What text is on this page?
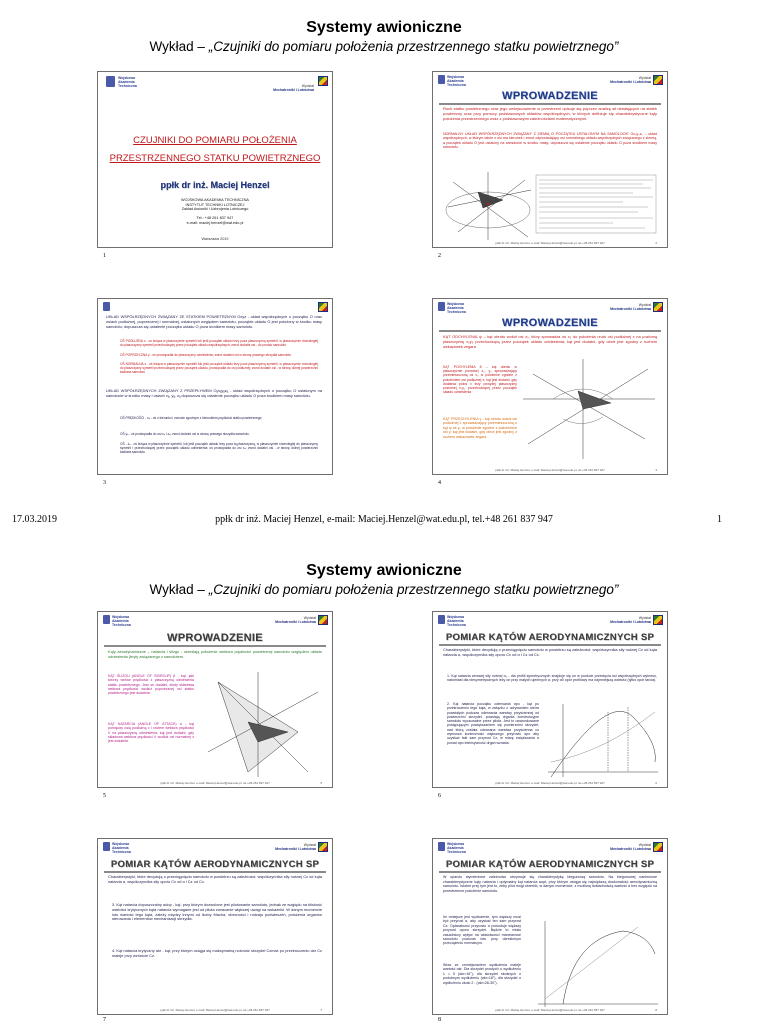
Systemy awioniczne
Wykład – „Czujniki do pomiaru położenia przestrzennego statku powietrznego”
Wojskowa
Akademia
Techniczna	Wydział
Mechatroniki i Lotnictwa
CZUJNIKI DO POMIARU POŁOŻENIA
PRZESTRZENNEGO STATKU POWIETRZNEGO
ppłk dr inż. Maciej Henzel
WOJSKOWA AKADEMIA TECHNICZNA
INSTYTUT TECHNIKI LOTNICZEJ
Zakład Awioniki i Uzbrojenia Lotniczego
Tel.: +48 261 837 947
e-mail: maciej.henzel@wat.edu.pl
Warszawa 2019
1
Wojskowa
Akademia
Techniczna
Wydział
Mechatroniki i Lotnictwa
WPROWADZENIE
Ruch statku powietrznego oraz jego umiejscowienie w przestrzeni opisuje się poprzez analizę sił działających na statek powietrzny oraz przy pomocy podstawowych układów współrzędnych, w których definiuje się charakterystyczne kąty położenia przestrzennego wraz z podstawowymi zależnościami matematycznymi.
NORMALNY UKŁAD WSPÓŁRZĘDNYCH ZWIĄZANY Z ZIEMIĄ O POCZĄTKU USTALONYM NA SAMOLOCIE Ox₀y₀z₀ – układ współrzędnych, w którym także z osi ma kierunek i zwrot odpowiadający osi normalnego układu współrzędnych związanego z ziemią, a początek układu O jest ustalony na samolocie w środku masy; dopuszcza się ustalenie początku układu O poza środkiem masy samolotu.
ppłk dr inż. Maciej Henzel, e-mail: Maciej.Henzel@wat.edu.pl, tel.+48 261 837 947	2
2
UKŁAD WSPÓŁRZĘDNYCH ZWIĄZANY ZE STATKIEM POWIETRZNYM Oxyz - układ współrzędnych o początku O oraz osiach podłużnej, poprzecznej i normalnej, ustalonych względem samolotu; początek układu O jest położony w środku masy samolotu; dopuszcza się ustalenie początku układu O poza środkiem masy samolotu.
OŚ PODŁUŻNA x - oś leżąca w płaszczyźnie symetrii lub jeśli początek układu leży poza płaszczyzną symetrii, w płaszczyźnie równoległej do płaszczyzny symetrii przechodzącej przez początek układu współrzędnych; zwrot dodatni osi - do przodu samolotu
OŚ POPRZECZNA y - oś prostopadła do płaszczyzny odniesienia; zwrot dodatni osi w stronę prawego skrzydła samolotu
OŚ NORMALNA z - oś leżąca w płaszczyźnie symetrii lub jeśli początek układu leży poza płaszczyzną symetrii, w płaszczyźnie równoległej do płaszczyzny symetrii przechodzącej przez początek układu, prostopadła do osi podłużnej; zwrot dodatni osi - w stronę dolnej powierzchni kadłuba samolotu
UKŁAD WSPÓŁRZĘDNYCH ZWIĄZANY Z PRZEPŁYWEM Oₐxₐyₐzₐ - układ współrzędnych o początku O ustalonym na samolocie w środku masy i osiach xₐ, yₐ, zₐ dopuszcza się ustalenie początku układu O poza środkiem masy samolotu.
OŚ PRĘDKOŚCI - xₐ - oś o kierunku i zwrocie zgodnym z kierunkiem prędkości statku powietrznego;
OŚ yₐ - oś prostopadła do osi xₐ i zₐ; zwrot dodatni osi w stronę prawego skrzydła samolotu;
OŚ - zₐ - oś leżąca w płaszczyźnie symetrii, lub jeśli początek układu leży poza tą płaszczyzną, w płaszczyźnie równoległej do płaszczyzny symetrii i przechodzącej przez początek układu odniesienia; oś prostopadła do osi xₐ; zwrot dodatni osi - w stronę dolnej powierzchni kadłuba samolotu
3
Wojskowa
Akademia
Techniczna
Wydział
Mechatroniki i Lotnictwa
WPROWADZENIE
KĄT ODCHYLENIA ψ – kąt obrotu wokół osi z₀, który sprowadza oś x₀ do położenia rzutu osi podłużnej x na poziomą płaszczyznę x₀y₀ przechodzącą przez początek układu odniesienia; kąt jest dodatni, gdy obrót jest zgodny z ruchem wskazówek zegara
KĄT POCHYLENIA θ – kąt obrotu w płaszczyźnie pionowej z₀, y₀ sprowadzający przemieszczoną oś x₀ w położenie zgodne z położeniem osi podłużnej x; kąt jest dodatni, gdy dodatnia półoś x leży powyżej płaszczyzny poziomej x₀y₀ przechodzącej przez początek układu odniesienia
KĄT PRZECHYLENIA γ - kąt obrotu wokół osi podłużnej x sprowadzający przemieszczoną o kąt ψ oś y₀ w położenie zgodne z położeniem osi y; kąt jest dodatni, gdy obrót jest zgodny z ruchem wskazówek zegara
ppłk dr inż. Maciej Henzel, e-mail: Maciej.Henzel@wat.edu.pl, tel.+48 261 837 947	4
4
17.03.2019	ppłk dr inż. Maciej Henzel, e-mail: Maciej.Henzel@wat.edu.pl, tel.+48 261 837 947	1
Systemy awioniczne
Wykład – „Czujniki do pomiaru położenia przestrzennego statku powietrznego”
Wojskowa
Akademia
Techniczna
Wydział
Mechatroniki i Lotnictwa
WPROWADZENIE
Kąty aerodynamiczne – natarcia i ślizgu - określają położenie wektora prędkości powietrznej samolotu względem układu odniesienia (bryły związanego z samolotem.
KĄT ŚLIZGU (ANGLE OF SIDESLIP) β - kąt, jaki tworzy wektor prędkości z płaszczyzną odniesienia statku powietrznego. Jest on dodatni, kiedy składowa wektora prędkości wzdłuż poprzecznej osi statku powietrznego jest dodatnia.
KĄT NATARCIA (ANGLE OF ATTACK) α - kąt pomiędzy osią podłużną x i rzutem wektora prędkości V na płaszczyznę odniesienia; kąt jest dodatni, gdy składowa wektora prędkości V wzdłuż osi normalnej z jest dodatnia.
ppłk dr inż. Maciej Henzel, e-mail: Maciej.Henzel@wat.edu.pl, tel.+48 261 837 947	5
5
Wojskowa
Akademia
Techniczna
Wydział
Mechatroniki i Lotnictwa
POMIAR KĄTÓW AERODYNAMICZNYCH SP
Charakterystyki, które decydują o przeciągnięciu samolotu w powietrzu są zależności: współczynnika siły nośnej Cz od kąta natarcia α, współczynnika siły oporu Cx od α i Cz od Cx.
1. Kąt natarcia zerowej siły nośnej α₀ - dla profili symetrycznych znajduje się on w punkcie przecięcia osi współrzędnych wykresu, natomiast dla niesymetrycznych leży on przy małych ujemnych α; przy α0 opór profilowy ma najmniejszą wartość (tylko opór tarcia).
2. Kąt natarcia początku oderwania αpo - kąt po przekroczeniu tego kąta, w związku z odrywaniem wirów powstałych podczas oderwania warstwy przyściennej od powierzchni skrzydeł, powstają drgania konstrukcyjne samolotu wyczuwalne przez pilota. Jest to uwarunkowane postępującym powiększaniem się powierzchni skrzydeł, nad którą została oderwana warstwa przyścienna co wymusza konieczność większego przyrostu αpo aby uzyskać taki sam przyrost Cz, w miarę zwiększania α ponad αpo intensywność drgań wzrasta.
ppłk dr inż. Maciej Henzel, e-mail: Maciej.Henzel@wat.edu.pl, tel.+48 261 837 947	6
6
Wojskowa
Akademia
Techniczna
Wydział
Mechatroniki i Lotnictwa
POMIAR KĄTÓW AERODYNAMICZNYCH SP
Charakterystyki, które decydują o przeciągnięciu samolotu w powietrzu są zależności: współczynnika siły nośnej Cz od kąta natarcia α, współczynnika siły oporu Cx od α i Cz od Cx.
3. Kąt natarcia dopuszczalny αdop - kąt, przy którym dozwolone jest pilotowanie samolotu, jednak ze względu na bliskość wartości krytycznych kąta natarcia wymagane jest od pilota zwracanie większej uwagi na wskaźniki. W danym momencie lotu wartość tego kąta, zależy między innymi od liczby Macha, obecności i rodzaju podwieszeń, położenia organów sterowania i elementów mechanizacji skrzydła.
4. Kąt natarcia krytyczny αkr - kąt, przy którym osiąga się maksymalną nośność skrzydeł Czmax po przekroczeniu αkr Cz maleje przy wzroście Cz.
ppłk dr inż. Maciej Henzel, e-mail: Maciej.Henzel@wat.edu.pl, tel.+48 261 837 947	7
7
Wojskowa
Akademia
Techniczna
Wydział
Mechatroniki i Lotnictwa
POMIAR KĄTÓW AERODYNAMICZNYCH SP
W oparciu wymienione zależności otrzymuje się charakterystykę biegunową samolotu. Na biegunowej naniesione charakterystyczne kąty natarcia i optymalny kąt natarcia αopt, przy którym osiąga się największą doskonałość aerodynamiczną samolotu. Istotne przy tym jest to, żeby pilot mógł określić, w danym momencie, z możliwą dokładnością wartość α bez względu na przestrzenne położenie samolotu.
Im mniejsze jest wydłużenie, tym większy musi być przyrost α, aby uzyskać ten sam przyrost Cz. Opłacalność przyrostu α powoduje większy przyrost oporu skrzydeł. Będzie to miało zasadniczy wpływ na właściwości manewrowe samolotu podczas lotu przy określonym przeciążeniu normalnym.
Wraz ze zmniejszaniem wydłużenia maleje wartość αkr. Dla skrzydeł prostych o wydłużeniu λ = 5 (αkr≈16°), dla skrzydeł skośnych o podobnym wydłużeniu (αkr≈18°), dla skrzydeł o wydłużeniu około 2 - (αkr≈28-30°).
ppłk dr inż. Maciej Henzel, e-mail: Maciej.Henzel@wat.edu.pl, tel.+48 261 837 947	8
8
